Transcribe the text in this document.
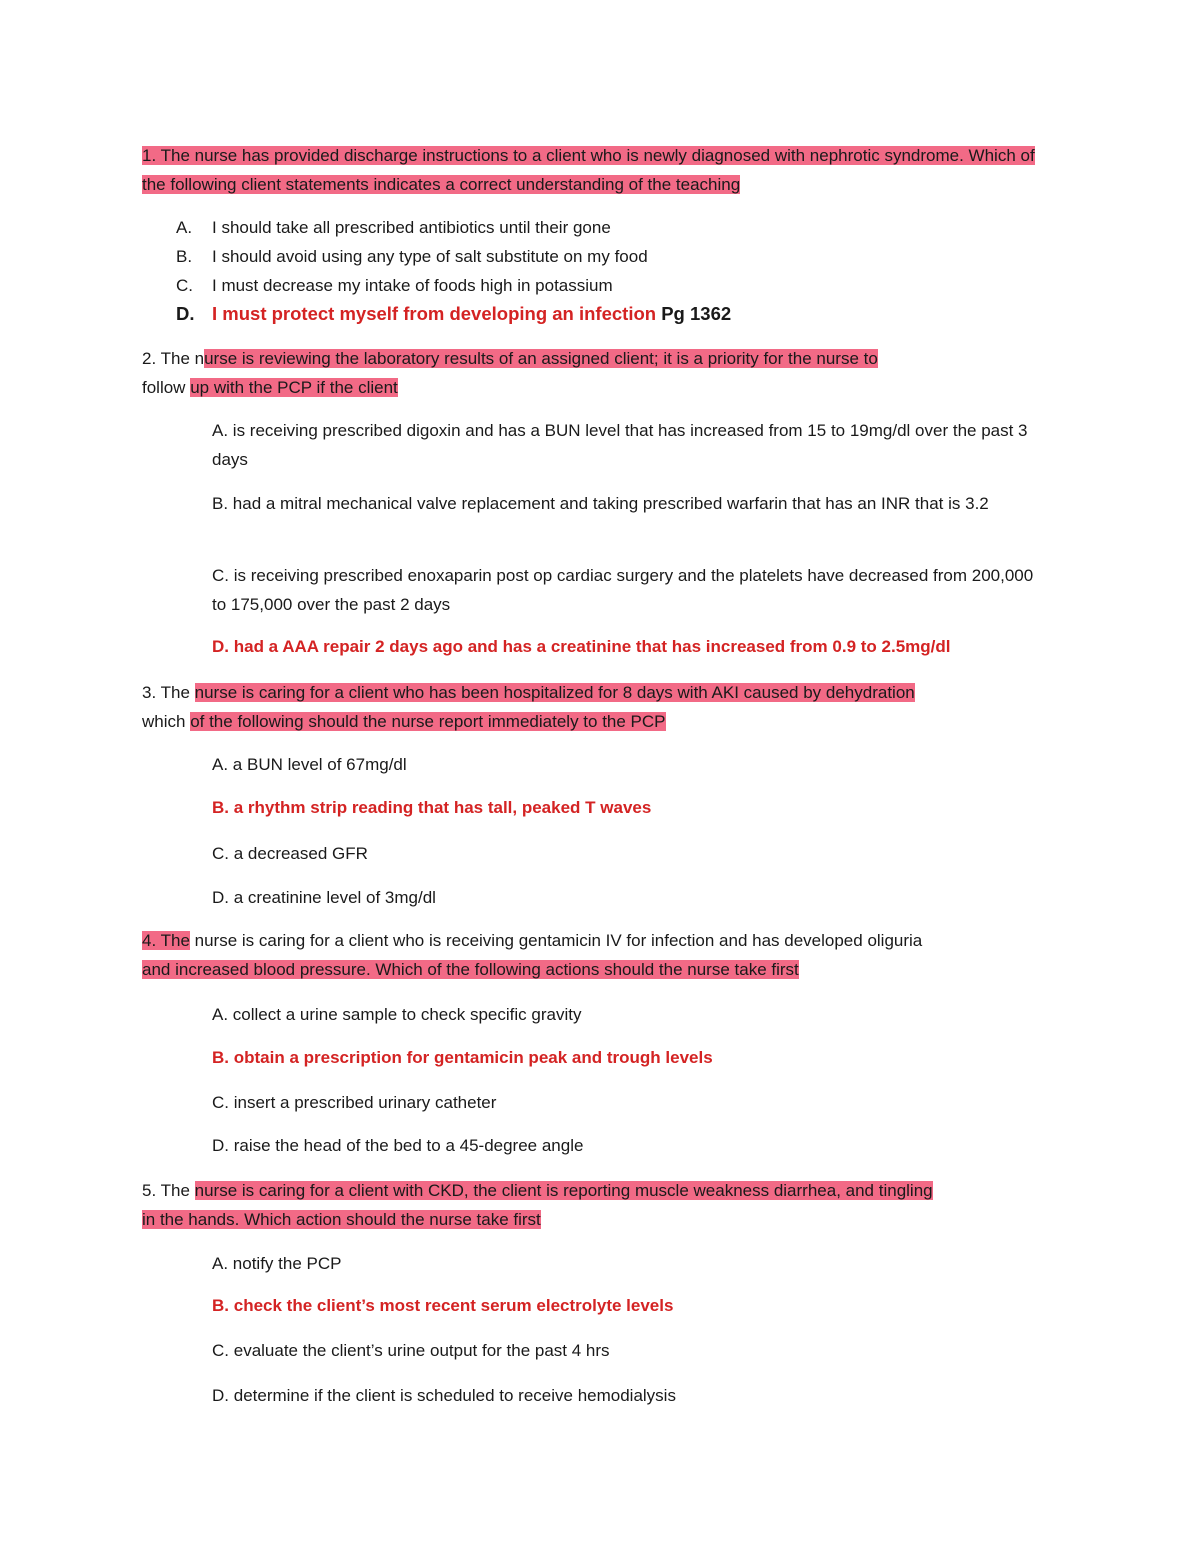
1. The nurse has provided discharge instructions to a client who is newly diagnosed with nephrotic syndrome. Which of the following client statements indicates a correct understanding of the teaching

A.	I should take all prescribed antibiotics until their gone

B.	I should avoid using any type of salt substitute on my food

C.	I must decrease my intake of foods high in potassium

D. I must protect myself from developing an infection Pg 1362

2. The nurse is reviewing the laboratory results of an assigned client; it is a priority for the nurse to
follow up with the PCP if the client

A. is receiving prescribed digoxin and has a BUN level that has increased from 15 to 19mg/dl over the past 3 days

B. had a mitral mechanical valve replacement and taking prescribed warfarin that has an INR that is 3.2

C. is receiving prescribed enoxaparin post op cardiac surgery and the platelets have decreased from 200,000 to 175,000 over the past 2 days

D. had a AAA repair 2 days ago and has a creatinine that has increased from 0.9 to 2.5mg/dl

3. The nurse is caring for a client who has been hospitalized for 8 days with AKI caused by dehydration
which of the following should the nurse report immediately to the PCP

A. a BUN level of 67mg/dl

B. a rhythm strip reading that has tall, peaked T waves

C. a decreased GFR

D. a creatinine level of 3mg/dl

4. The nurse is caring for a client who is receiving gentamicin IV for infection and has developed oliguria
and increased blood pressure. Which of the following actions should the nurse take first

A. collect a urine sample to check specific gravity

B. obtain a prescription for gentamicin peak and trough levels

C. insert a prescribed urinary catheter

D. raise the head of the bed to a 45-degree angle

5. The nurse is caring for a client with CKD, the client is reporting muscle weakness diarrhea, and tingling
in the hands. Which action should the nurse take first

A. notify the PCP

B. check the client’s most recent serum electrolyte levels

C. evaluate the client’s urine output for the past 4 hrs

D. determine if the client is scheduled to receive hemodialysis
